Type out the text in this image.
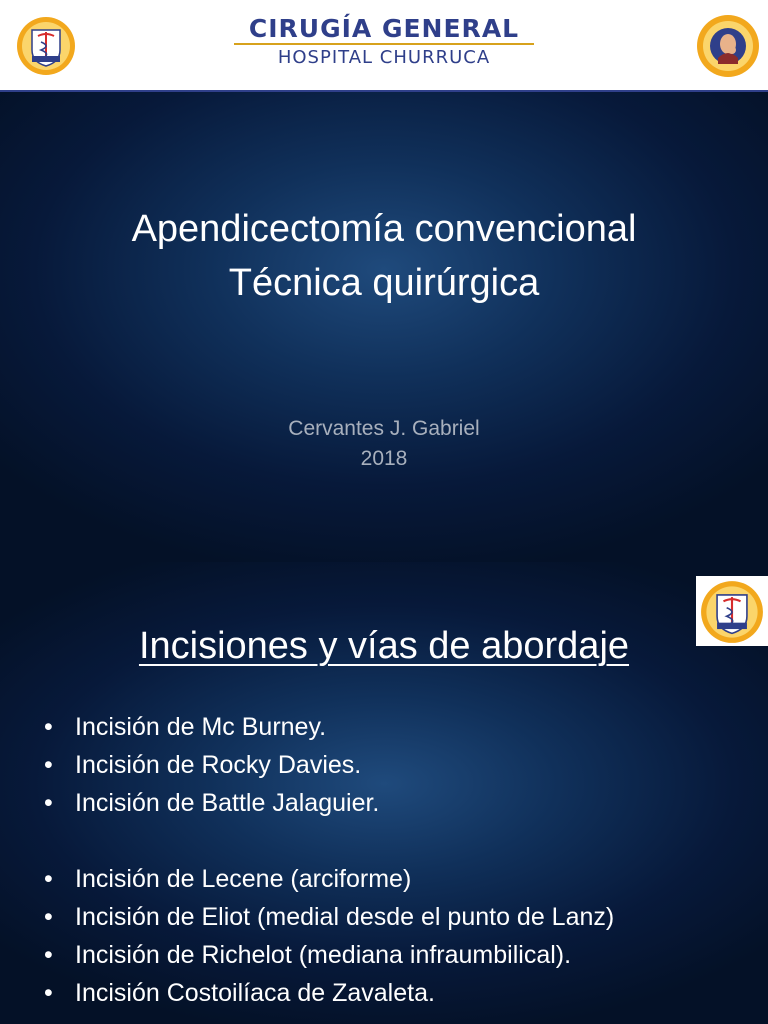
CIRUGÍA GENERAL
HOSPITAL CHURRUCA
Apendicectomía convencional
Técnica quirúrgica
Cervantes J. Gabriel
2018
Incisiones y vías de abordaje
• Incisión de Mc Burney.
• Incisión de Rocky Davies.
• Incisión de Battle Jalaguier.
• Incisión de Lecene (arciforme)
• Incisión de Eliot (medial desde el punto de Lanz)
• Incisión de Richelot (mediana infraumbilical).
• Incisión Costoilíaca de Zavaleta.
